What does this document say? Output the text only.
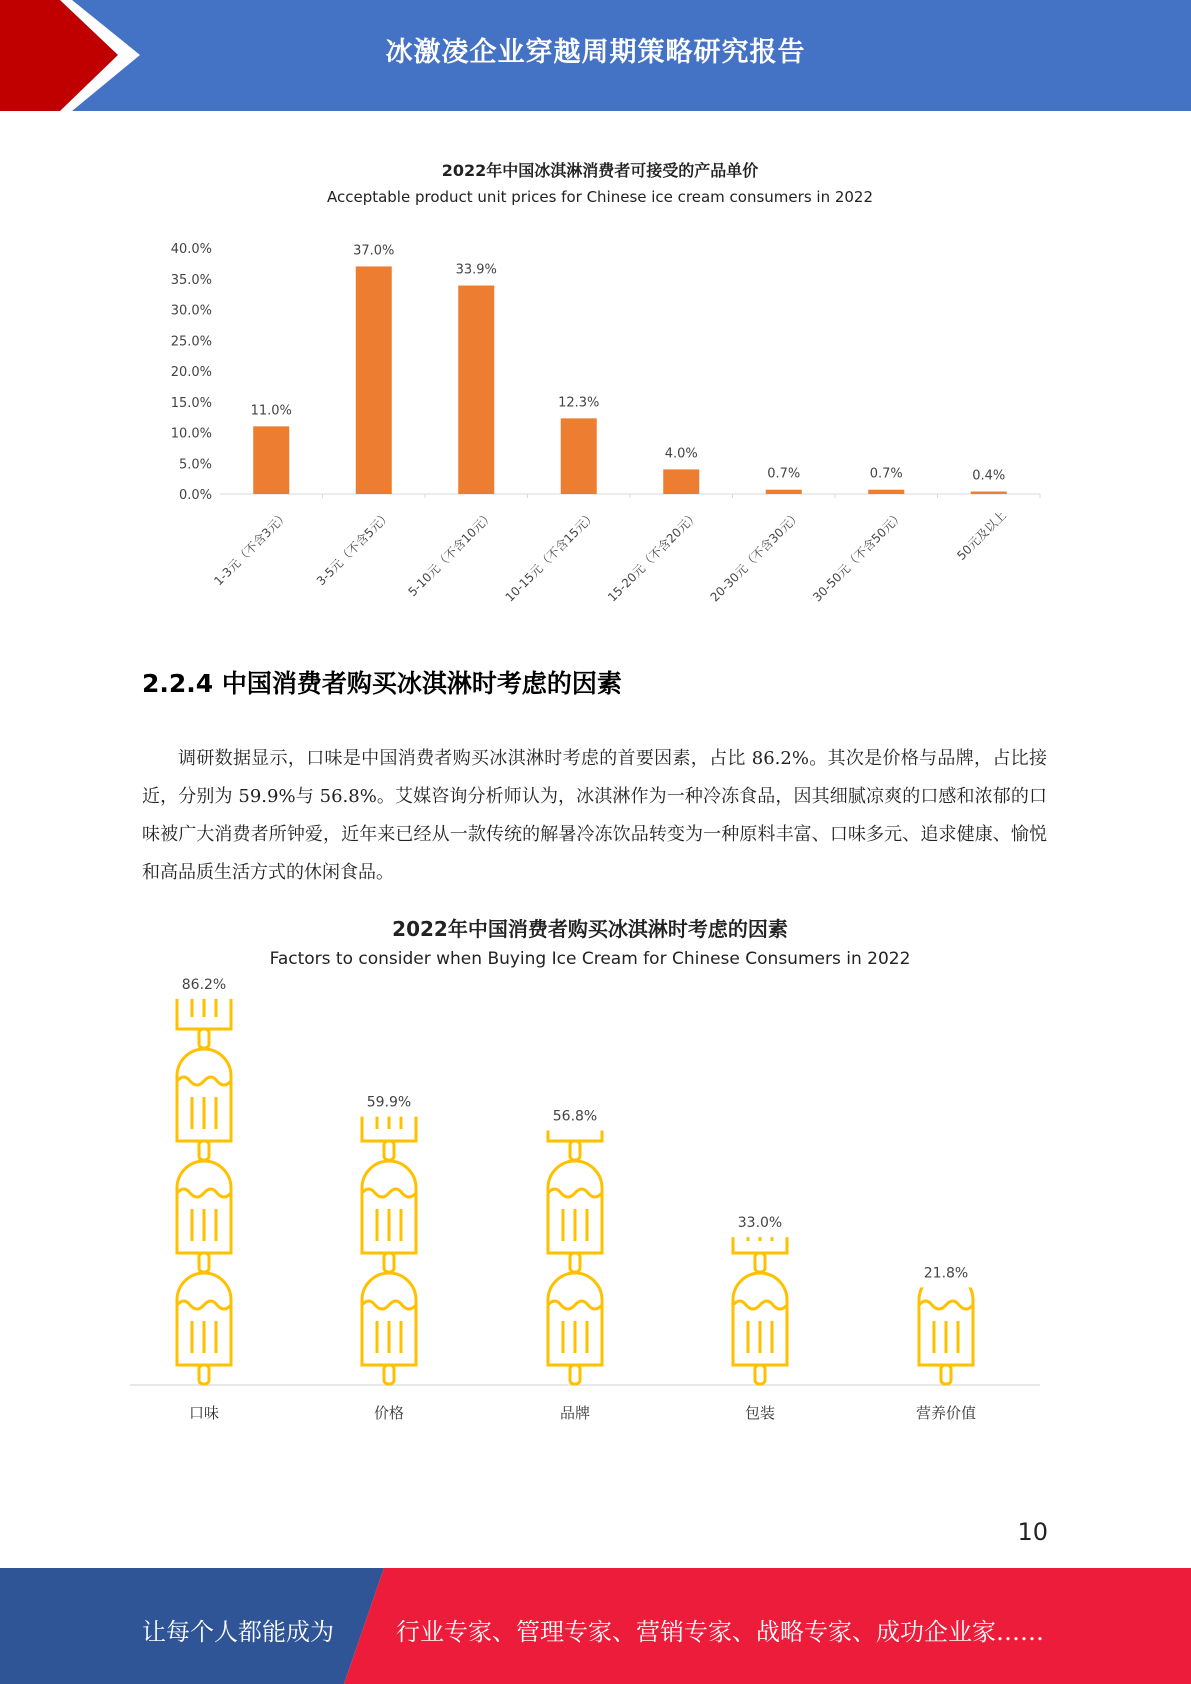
冰激凌企业穿越周期策略研究报告
2022年中国冰淇淋消费者可接受的产品单价
Acceptable product unit prices for Chinese ice cream consumers in 2022
0.0%
5.0%
10.0%
15.0%
20.0%
25.0%
30.0%
35.0%
40.0%
11.0%
1-3元（不含3元）
37.0%
3-5元（不含5元）
33.9%
5-10元（不含10元）
12.3%
10-15元（不含15元）
4.0%
15-20元（不含20元）
0.7%
20-30元（不含30元）
0.7%
30-50元（不含50元）
0.4%
50元及以上
2.2.4 中国消费者购买冰淇淋时考虑的因素
调研数据显示，口味是中国消费者购买冰淇淋时考虑的首要因素，占比 86.2%。其次是价格与品牌，占比接近，分别为 59.9%与 56.8%。艾媒咨询分析师认为，冰淇淋作为一种冷冻食品，因其细腻凉爽的口感和浓郁的口味被广大消费者所钟爱，近年来已经从一款传统的解暑冷冻饮品转变为一种原料丰富、口味多元、追求健康、愉悦和高品质生活方式的休闲食品。
2022年中国消费者购买冰淇淋时考虑的因素
Factors to consider when Buying Ice Cream for Chinese Consumers in 2022
86.2%
口味
59.9%
价格
56.8%
品牌
33.0%
包装
21.8%
营养价值
10
让每个人都能成为	行业专家、管理专家、营销专家、战略专家、成功企业家……
